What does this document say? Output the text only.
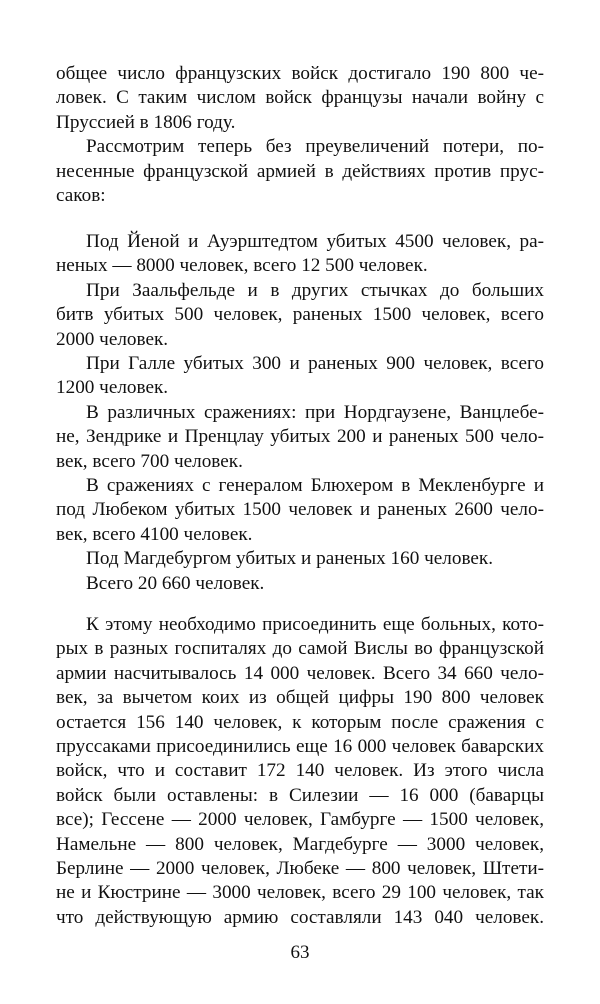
общее число французских войск достигало 190 800 че-
ловек. С таким числом войск французы начали войну с
Пруссией в 1806 году.

Рассмотрим теперь без преувеличений потери, по-
несенные французской армией в действиях против прус-
саков:

Под Йеной и Ауэрштедтом убитых 4500 человек, ра-
неных — 8000 человек, всего 12 500 человек.

При Заальфельде и в других стычках до больших
битв убитых 500 человек, раненых 1500 человек, всего
2000 человек.

При Галле убитых 300 и раненых 900 человек, всего
1200 человек.

В различных сражениях: при Нордгаузене, Ванцлебе-
не, Зендрике и Пренцлау убитых 200 и раненых 500 чело-
век, всего 700 человек.

В сражениях с генералом Блюхером в Мекленбурге и
под Любеком убитых 1500 человек и раненых 2600 чело-
век, всего 4100 человек.

Под Магдебургом убитых и раненых 160 человек.

Всего 20 660 человек.

К этому необходимо присоединить еще больных, кото-
рых в разных госпиталях до самой Вислы во французской
армии насчитывалось 14 000 человек. Всего 34 660 чело-
век, за вычетом коих из общей цифры 190 800 человек
остается 156 140 человек, к которым после сражения с
пруссаками присоединились еще 16 000 человек баварских
войск, что и составит 172 140 человек. Из этого числа
войск были оставлены: в Силезии — 16 000 (баварцы
все); Гессене — 2000 человек, Гамбурге — 1500 человек,
Намельне — 800 человек, Магдебурге — 3000 человек,
Берлине — 2000 человек, Любеке — 800 человек, Штети-
не и Кюстрине — 3000 человек, всего 29 100 человек, так
что действующую армию составляли 143 040 человек.

63
